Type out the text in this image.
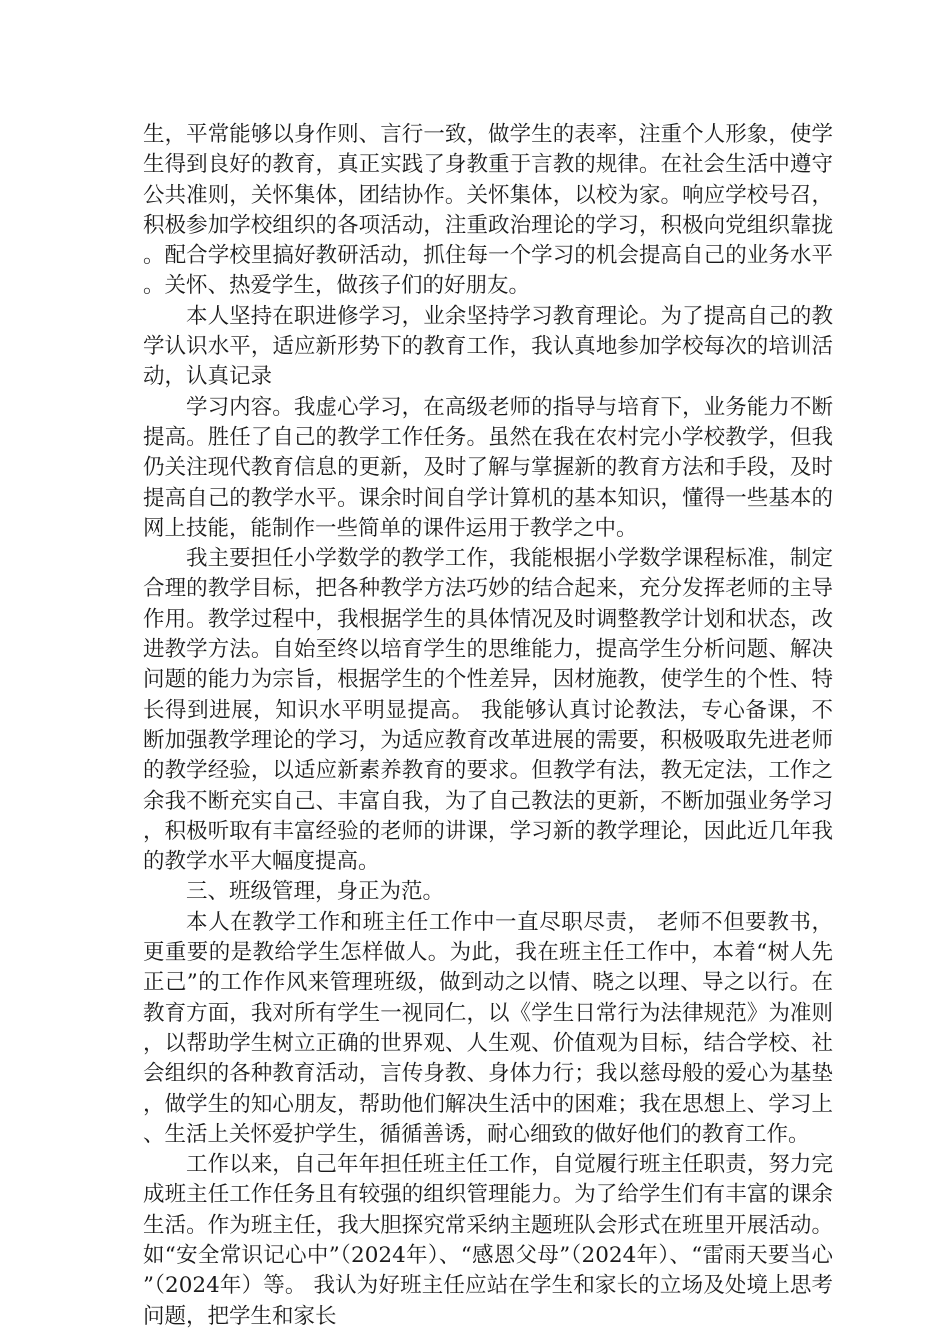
生，平常能够以身作则、言行一致，做学生的表率，注重个人形象，使学生得到良好的教育，真正实践了身教重于言教的规律。在社会生活中遵守公共准则，关怀集体，团结协作。关怀集体，以校为家。响应学校号召，积极参加学校组织的各项活动，注重政治理论的学习，积极向党组织靠拢。配合学校里搞好教研活动，抓住每一个学习的机会提高自己的业务水平。关怀、热爱学生，做孩子们的好朋友。

本人坚持在职进修学习，业余坚持学习教育理论。为了提高自己的教学认识水平，适应新形势下的教育工作，我认真地参加学校每次的培训活动，认真记录

学习内容。我虚心学习，在高级老师的指导与培育下，业务能力不断提高。胜任了自己的教学工作任务。虽然在我在农村完小学校教学，但我仍关注现代教育信息的更新，及时了解与掌握新的教育方法和手段，及时提高自己的教学水平。课余时间自学计算机的基本知识，懂得一些基本的网上技能，能制作一些简单的课件运用于教学之中。

我主要担任小学数学的教学工作，我能根据小学数学课程标准，制定合理的教学目标，把各种教学方法巧妙的结合起来，充分发挥老师的主导作用。教学过程中，我根据学生的具体情况及时调整教学计划和状态，改进教学方法。自始至终以培育学生的思维能力，提高学生分析问题、解决问题的能力为宗旨，根据学生的个性差异，因材施教，使学生的个性、特长得到进展，知识水平明显提高。 我能够认真讨论教法，专心备课，不断加强教学理论的学习，为适应教育改革进展的需要，积极吸取先进老师的教学经验，以适应新素养教育的要求。但教学有法，教无定法，工作之余我不断充实自己、丰富自我，为了自己教法的更新，不断加强业务学习，积极听取有丰富经验的老师的讲课，学习新的教学理论，因此近几年我的教学水平大幅度提高。

三、班级管理，身正为范。

本人在教学工作和班主任工作中一直尽职尽责， 老师不但要教书，更重要的是教给学生怎样做人。为此，我在班主任工作中，本着“树人先正己”的工作作风来管理班级，做到动之以情、晓之以理、导之以行。在教育方面，我对所有学生一视同仁，以《学生日常行为法律规范》为准则，以帮助学生树立正确的世界观、人生观、价值观为目标，结合学校、社会组织的各种教育活动，言传身教、身体力行；我以慈母般的爱心为基垫，做学生的知心朋友，帮助他们解决生活中的困难；我在思想上、学习上、生活上关怀爱护学生，循循善诱，耐心细致的做好他们的教育工作。

工作以来，自己年年担任班主任工作，自觉履行班主任职责，努力完成班主任工作任务且有较强的组织管理能力。为了给学生们有丰富的课余生活。作为班主任，我大胆探究常采纳主题班队会形式在班里开展活动。如“安全常识记心中”（2024年）、“感恩父母”（2024年）、“雷雨天要当心”（2024年）等。 我认为好班主任应站在学生和家长的立场及处境上思考问题，把学生和家长
